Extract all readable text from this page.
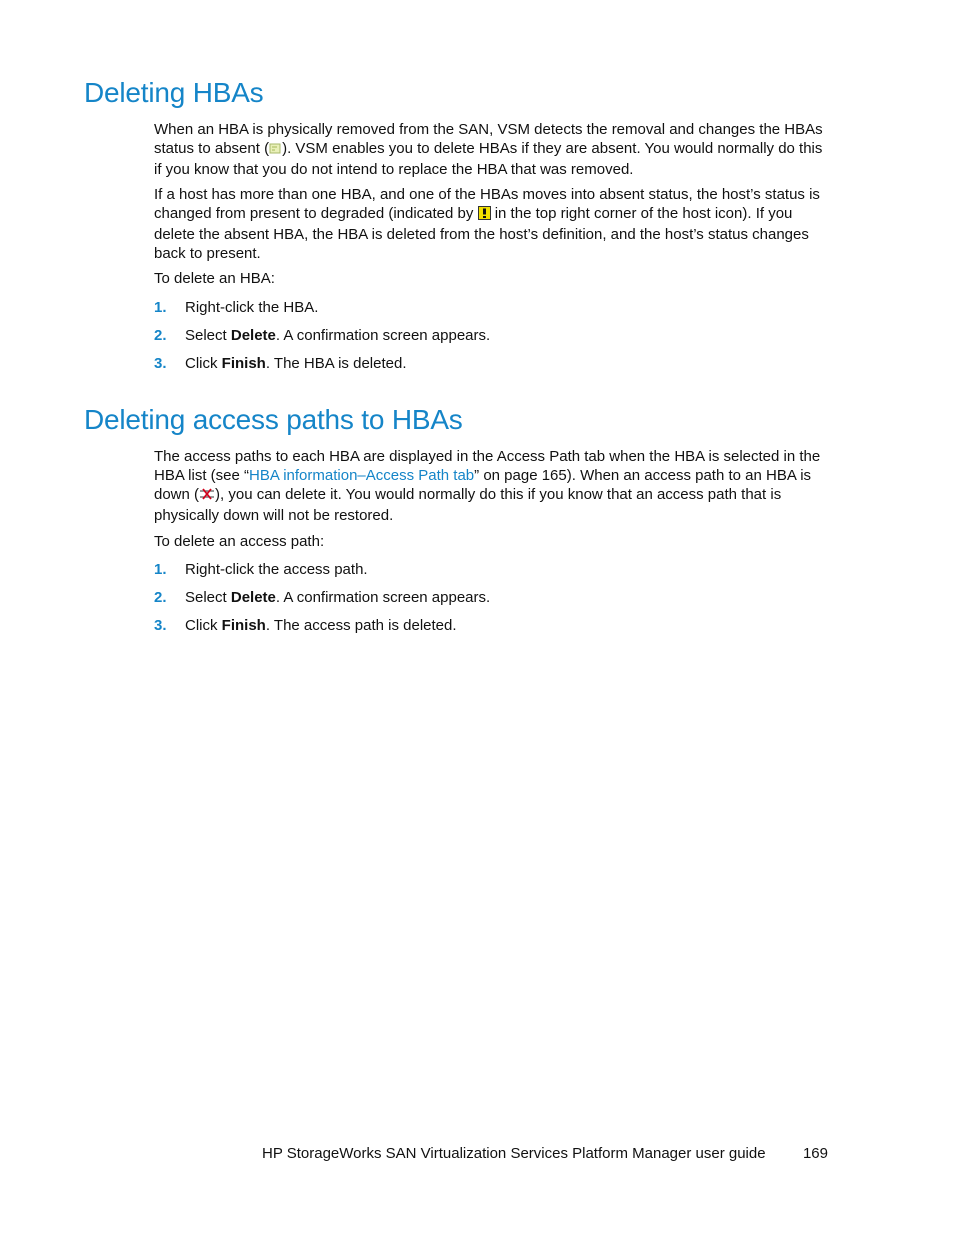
Deleting HBAs

When an HBA is physically removed from the SAN, VSM detects the removal and changes the HBAs status to absent ( ). VSM enables you to delete HBAs if they are absent. You would normally do this if you know that you do not intend to replace the HBA that was removed.

If a host has more than one HBA, and one of the HBAs moves into absent status, the host’s status is changed from present to degraded (indicated by in the top right corner of the host icon). If you delete the absent HBA, the HBA is deleted from the host’s definition, and the host’s status changes back to present.

To delete an HBA:

1. Right-click the HBA.
2. Select Delete. A confirmation screen appears.
3. Click Finish. The HBA is deleted.
Deleting access paths to HBAs

The access paths to each HBA are displayed in the Access Path tab when the HBA is selected in the HBA list (see “HBA information–Access Path tab” on page 165). When an access path to an HBA is down ( ), you can delete it. You would normally do this if you know that an access path that is physically down will not be restored.

To delete an access path:

1. Right-click the access path.
2. Select Delete. A confirmation screen appears.
3. Click Finish. The access path is deleted.
HP StorageWorks SAN Virtualization Services Platform Manager user guide 169
